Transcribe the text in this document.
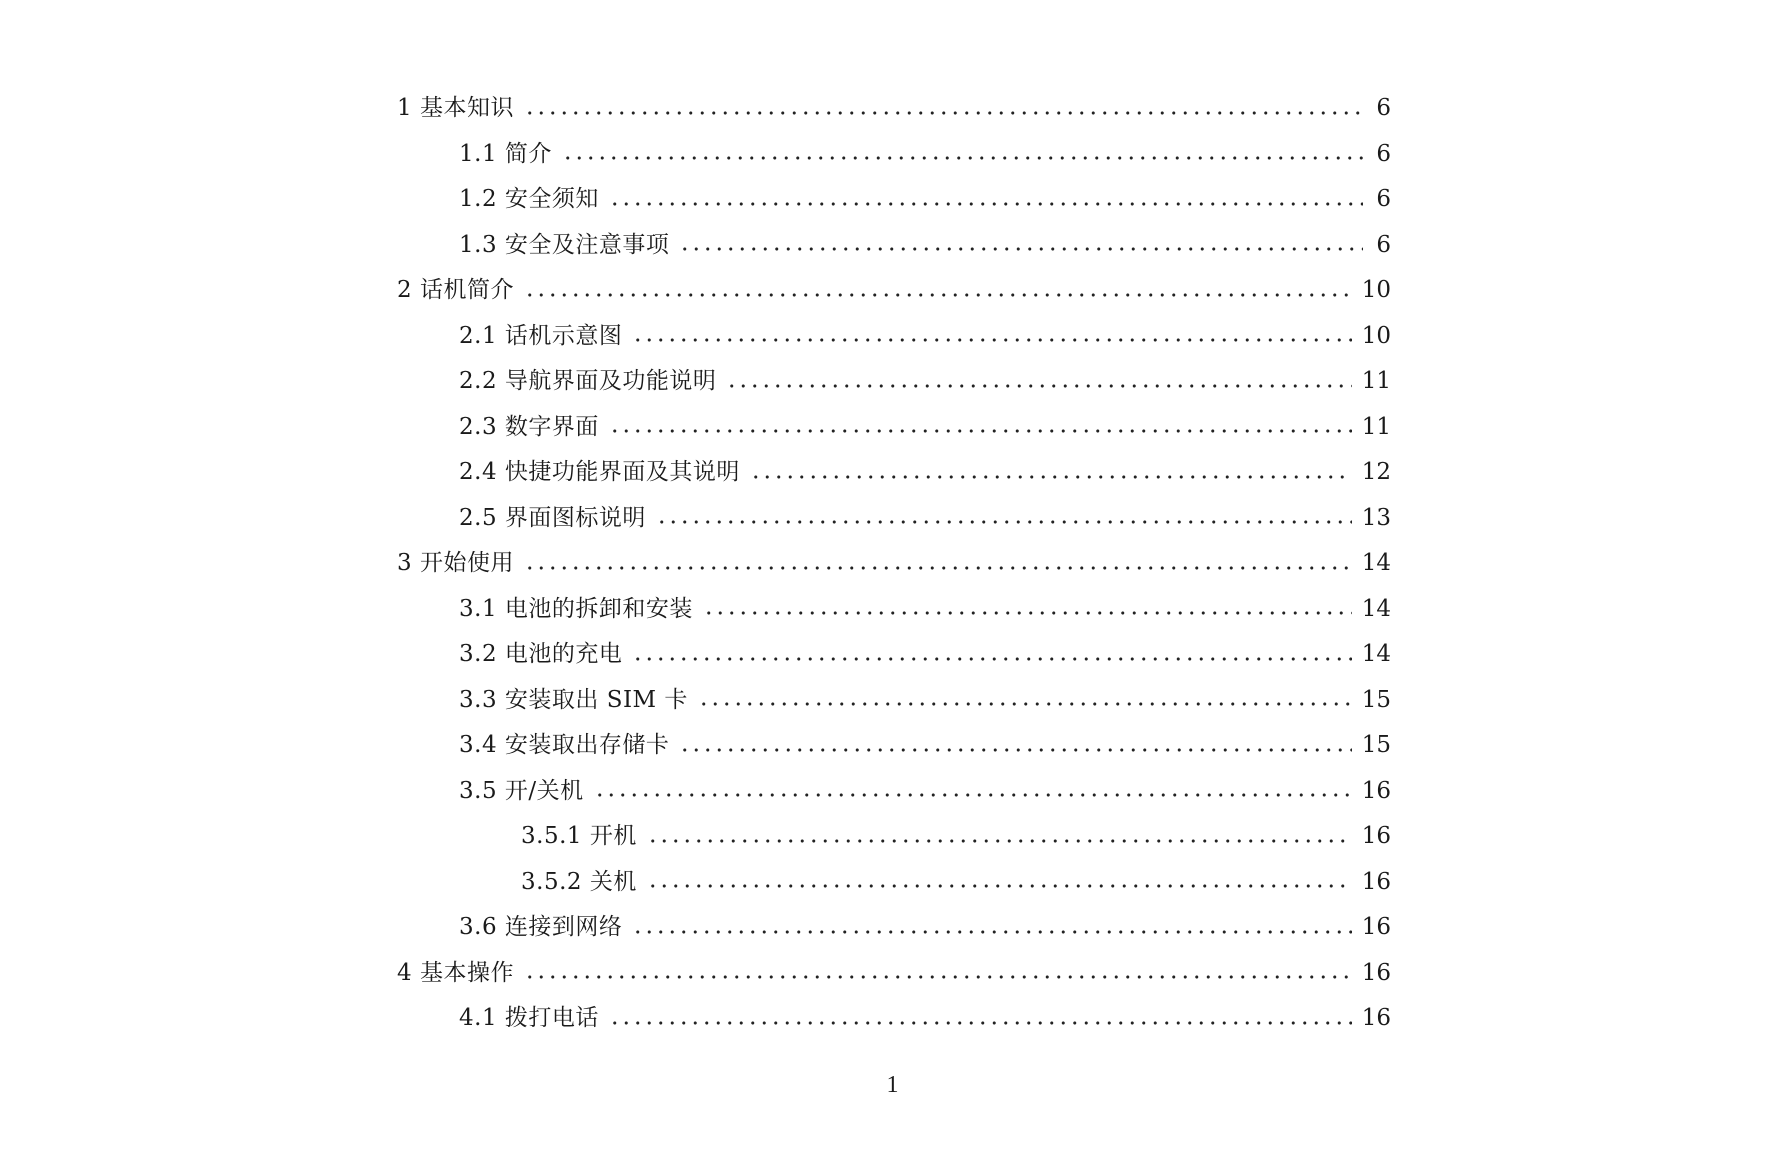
1 基本知识	6
1.1 简介	6
1.2 安全须知	6
1.3 安全及注意事项	6
2 话机简介	10
2.1 话机示意图	10
2.2 导航界面及功能说明	11
2.3 数字界面	11
2.4 快捷功能界面及其说明	12
2.5 界面图标说明	13
3 开始使用	14
3.1 电池的拆卸和安装	14
3.2 电池的充电	14
3.3 安装取出 SIM 卡	15
3.4 安装取出存储卡	15
3.5 开/关机	16
3.5.1 开机	16
3.5.2 关机	16
3.6 连接到网络	16
4 基本操作	16
4.1 拨打电话	16
1
